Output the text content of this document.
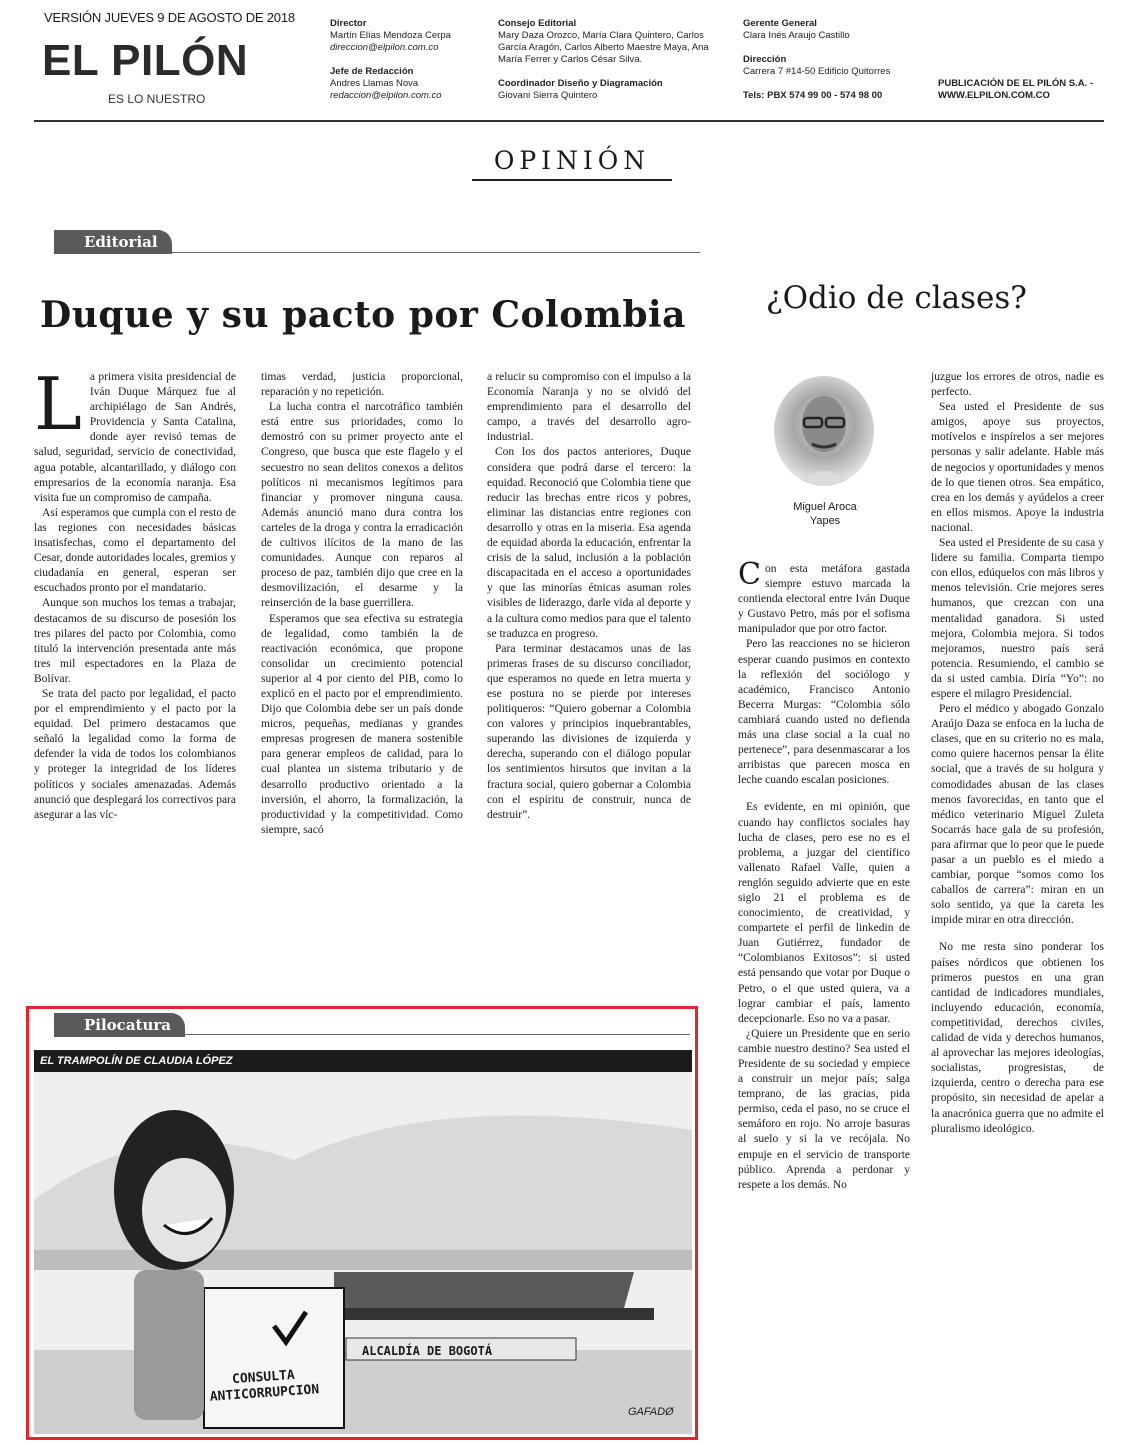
VERSIÓN JUEVES 9 DE AGOSTO DE 2018
EL PILÓN
ES LO NUESTRO
Director
Martín Elías Mendoza Cerpa
direccion@elpilon.com.co
Jefe de Redacción
Andres Llamas Nova
redaccion@elpilon.com.co
Consejo Editorial
Mary Daza Orozco, María Clara Quintero, Carlos García Aragón, Carlos Alberto Maestre Maya, Ana María Ferrer y Carlos César Silva.
Coordinador Diseño y Diagramación
Giovani Sierra Quintero
Gerente General
Clara Inés Araujo Castillo
Dirección
Carrera 7 #14-50 Edificio Quitorres
Tels: PBX 574 99 00 - 574 98 00
PUBLICACIÓN DE EL PILÓN S.A. - WWW.ELPILON.COM.CO
OPINIÓN
Editorial
Duque y su pacto por Colombia
L a primera visita presidencial de Iván Duque Márquez fue al archipiélago de San Andrés, Providencia y Santa Catalina, donde ayer revisó temas de salud, seguridad, servicio de conectividad, agua potable, alcantarillado, y diálogo con empresarios de la economía naranja. Esa visita fue un compromiso de campaña.

Así esperamos que cumpla con el resto de las regiones con necesidades básicas insatisfechas, como el departamento del Cesar, donde autoridades locales, gremios y ciudadanía en general, esperan ser escuchados pronto por el mandatario.

Aunque son muchos los temas a trabajar, destacamos de su discurso de posesión los tres pilares del pacto por Colombia, como tituló la intervención presentada ante más tres mil espectadores en la Plaza de Bolívar.

Se trata del pacto por legalidad, el pacto por el emprendimiento y el pacto por la equidad. Del primero destacamos que señaló la legalidad como la forma de defender la vida de todos los colombianos y proteger la integridad de los líderes políticos y sociales amenazadas. Además anunció que desplegará los correctivos para asegurar a las víc-

timas verdad, justicia proporcional, reparación y no repetición.

La lucha contra el narcotráfico también está entre sus prioridades, como lo demostró con su primer proyecto ante el Congreso, que busca que este flagelo y el secuestro no sean delitos conexos a delitos políticos ni mecanismos legítimos para financiar y promover ninguna causa. Además anunció mano dura contra los carteles de la droga y contra la erradicación de cultivos ilícitos de la mano de las comunidades. Aunque con reparos al proceso de paz, también dijo que cree en la desmovilización, el desarme y la reinserción de la base guerrillera.

Esperamos que sea efectiva su estrategia de legalidad, como también la de reactivación económica, que propone consolidar un crecimiento potencial superior al 4 por ciento del PIB, como lo explicó en el pacto por el emprendimiento. Dijo que Colombia debe ser un país donde micros, pequeñas, medianas y grandes empresas progresen de manera sostenible para generar empleos de calidad, para lo cual plantea un sistema tributario y de desarrollo productivo orientado a la inversión, el ahorro, la formalización, la productividad y la competitividad. Como siempre, sacó

a relucir su compromiso con el impulso a la Economía Naranja y no se olvidó del emprendimiento para el desarrollo del campo, a través del desarrollo agro-industrial.

Con los dos pactos anteriores, Duque considera que podrá darse el tercero: la equidad. Reconoció que Colombia tiene que reducir las brechas entre ricos y pobres, eliminar las distancias entre regiones con desarrollo y otras en la miseria. Esa agenda de equidad aborda la educación, enfrentar la crisis de la salud, inclusión a la población discapacitada en el acceso a oportunidades y que las minorías étnicas asuman roles visibles de liderazgo, darle vida al deporte y a la cultura como medios para que el talento se traduzca en progreso.

Para terminar destacamos unas de las primeras frases de su discurso conciliador, que esperamos no quede en letra muerta y ese postura no se pierde por intereses politiqueros: “Quiero gobernar a Colombia con valores y principios inquebrantables, superando las divisiones de izquierda y derecha, superando con el diálogo popular los sentimientos hirsutos que invitan a la fractura social, quiero gobernar a Colombia con el espíritu de construir, nunca de destruir”.

¿Odio de clases?
Miguel Aroca
Yapes
C on esta metáfora gastada siempre estuvo marcada la contienda electoral entre Iván Duque y Gustavo Petro, más por el sofisma manipulador que por otro factor.

Pero las reacciones no se hicieron esperar cuando pusimos en contexto la reflexión del sociólogo y académico, Francisco Antonio Becerra Murgas: “Colombia sólo cambiará cuando usted no defienda más una clase social a la cual no pertenece”, para desenmascarar a los arribistas que parecen mosca en leche cuando escalan posiciones.

Es evidente, en mi opinión, que cuando hay conflictos sociales hay lucha de clases, pero ese no es el problema, a juzgar del científico vallenato Rafael Valle, quien a renglón seguido advierte que en este siglo 21 el problema es de conocimiento, de creatividad, y compartete el perfil de linkedin de Juan Gutiérrez, fundador de “Colombianos Exitosos”: si usted está pensando que votar por Duque o Petro, o el que usted quiera, va a lograr cambiar el país, lamento decepcionarle. Eso no va a pasar.

¿Quiere un Presidente que en serio cambie nuestro destino? Sea usted el Presidente de su sociedad y empiece a construir un mejor país; salga temprano, de las gracias, pida permiso, ceda el paso, no se cruce el semáforo en rojo. No arroje basuras al suelo y si la ve recójala. No empuje en el servicio de transporte público. Aprenda a perdonar y respete a los demás. No

juzgue los errores de otros, nadie es perfecto.

Sea usted el Presidente de sus amigos, apoye sus proyectos, motívelos e inspírelos a ser mejores personas y salir adelante. Hable más de negocios y oportunidades y menos de lo que tienen otros. Sea empático, crea en los demás y ayúdelos a creer en ellos mismos. Apoye la industria nacional.

Sea usted el Presidente de su casa y lidere su familia. Comparta tiempo con ellos, edúquelos con más libros y menos televisión. Crie mejores seres humanos, que crezcan con una mentalidad ganadora. Si usted mejora, Colombia mejora. Si todos mejoramos, nuestro país será potencia. Resumiendo, el cambio se da si usted cambia. Diría “Yo”: no espere el milagro Presidencial.

Pero el médico y abogado Gonzalo Araújo Daza se enfoca en la lucha de clases, que en su criterio no es mala, como quiere hacernos pensar la élite social, que a través de su holgura y comodidades abusan de las clases menos favorecidas, en tanto que el médico veterinario Miguel Zuleta Socarrás hace gala de su profesión, para afirmar que lo peor que le puede pasar a un pueblo es el miedo a cambiar, porque “somos como los caballos de carrera”: miran en un solo sentido, ya que la careta les impide mirar en otra dirección.

No me resta sino ponderar los países nórdicos que obtienen los primeros puestos en una gran cantidad de indicadores mundiales, incluyendo educación, economía, competitividad, derechos civiles, calidad de vida y derechos humanos, al aprovechar las mejores ideologías, socialistas, progresistas, de izquierda, centro o derecha para ese propósito, sin necesidad de apelar a la anacrónica guerra que no admite el pluralismo ideológico.

Pilocatura
EL TRAMPOLÍN DE CLAUDIA LÓPEZ
CONSULTA
ANTICORRUPCION
ALCALDÍA DE BOGOTÁ
GAFADØ
